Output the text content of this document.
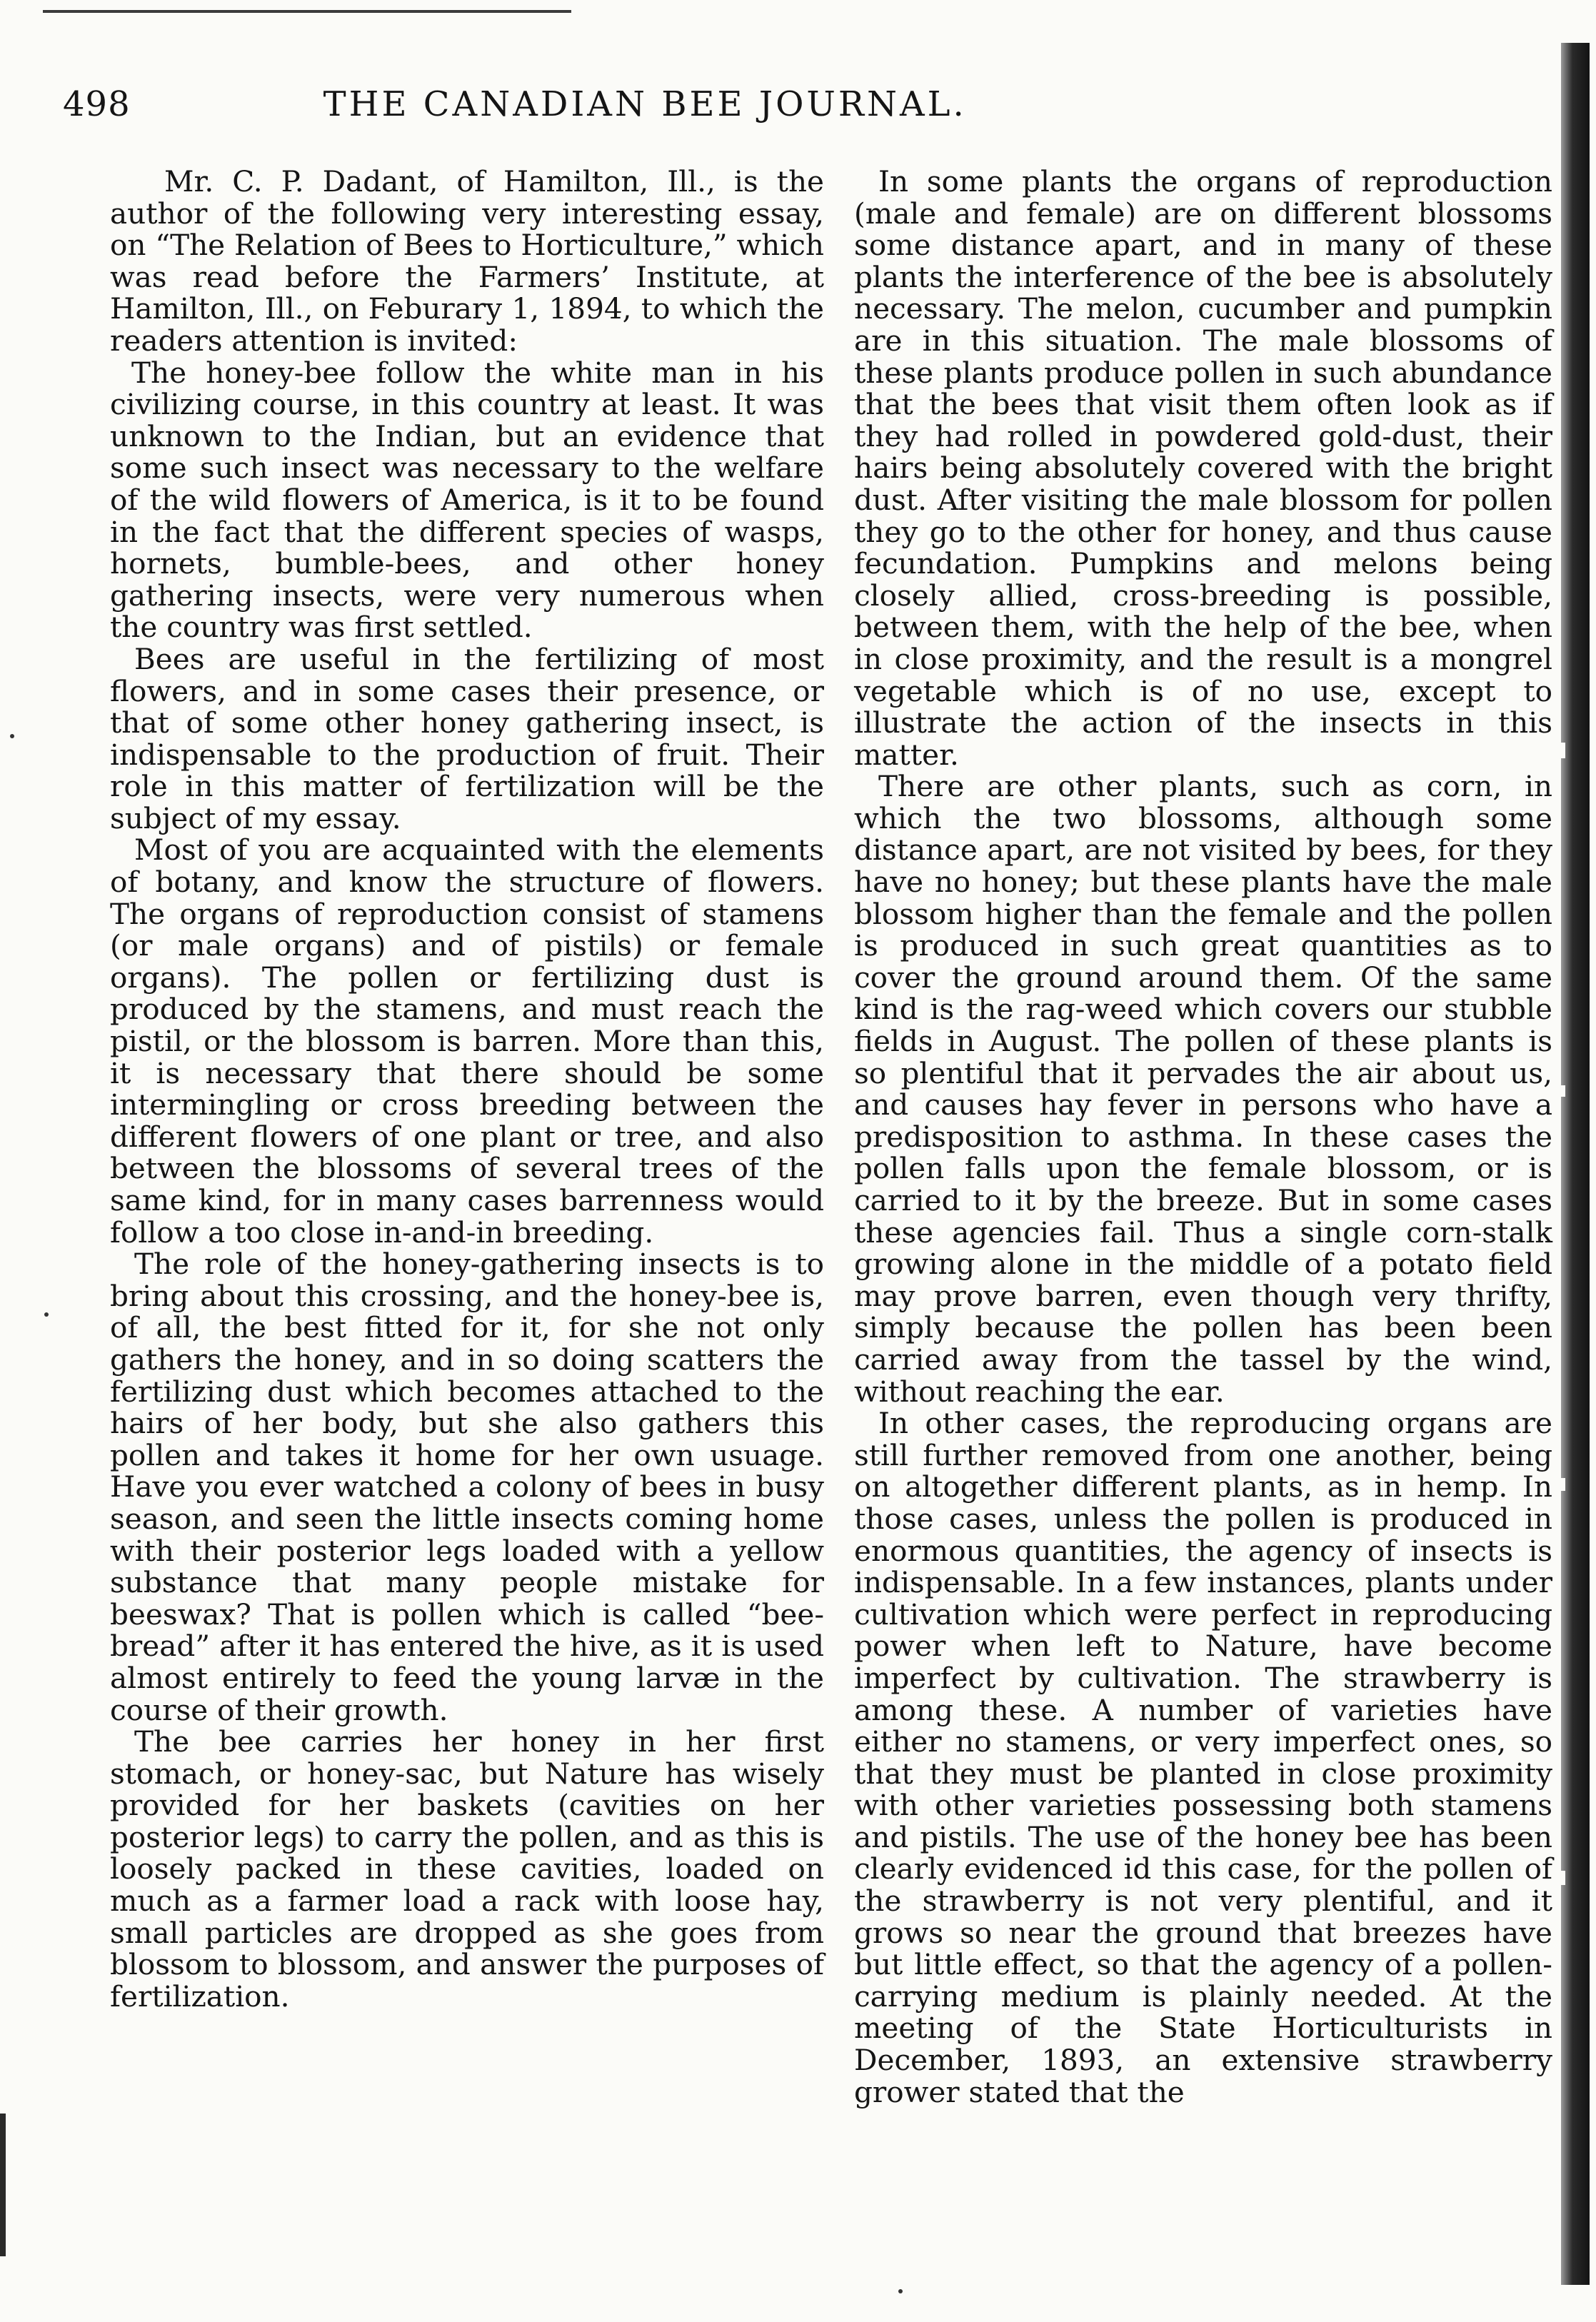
498	THE CANADIAN BEE JOURNAL.

Mr. C. P. Dadant, of Hamilton, Ill., is the author of the following very interesting essay, on “The Relation of Bees to Horticulture,” which was read before the Farmers’ Institute, at Hamilton, Ill., on Feburary 1, 1894, to which the readers attention is invited:

The honey-bee follow the white man in his civilizing course, in this country at least. It was unknown to the Indian, but an evidence that some such insect was necessary to the welfare of the wild flowers of America, is it to be found in the fact that the different species of wasps, hornets, bumble-bees, and other honey gathering insects, were very numerous when the country was first settled.

Bees are useful in the fertilizing of most flowers, and in some cases their presence, or that of some other honey gathering insect, is indispensable to the production of fruit. Their role in this matter of fertilization will be the subject of my essay.

Most of you are acquainted with the elements of botany, and know the structure of flowers. The organs of reproduction consist of stamens (or male organs) and of pistils) or female organs). The pollen or fertilizing dust is produced by the stamens, and must reach the pistil, or the blossom is barren. More than this, it is necessary that there should be some intermingling or cross breeding between the different flowers of one plant or tree, and also between the blossoms of several trees of the same kind, for in many cases barrenness would follow a too close in-and-in breeding.

The role of the honey-gathering insects is to bring about this crossing, and the honey-bee is, of all, the best fitted for it, for she not only gathers the honey, and in so doing scatters the fertilizing dust which becomes attached to the hairs of her body, but she also gathers this pollen and takes it home for her own usuage. Have you ever watched a colony of bees in busy season, and seen the little insects coming home with their posterior legs loaded with a yellow substance that many people mistake for beeswax? That is pollen which is called “bee-bread” after it has entered the hive, as it is used almost entirely to feed the young larvæ in the course of their growth.

The bee carries her honey in her first stomach, or honey-sac, but Nature has wisely provided for her baskets (cavities on her posterior legs) to carry the pollen, and as this is loosely packed in these cavities, loaded on much as a farmer load a rack with loose hay, small particles are dropped as she goes from blossom to blossom, and answer the purposes of fertilization.

In some plants the organs of reproduction (male and female) are on different blossoms some distance apart, and in many of these plants the interference of the bee is absolutely necessary. The melon, cucumber and pumpkin are in this situation. The male blossoms of these plants produce pollen in such abundance that the bees that visit them often look as if they had rolled in powdered gold-dust, their hairs being absolutely covered with the bright dust. After visiting the male blossom for pollen they go to the other for honey, and thus cause fecundation. Pumpkins and melons being closely allied, cross-breeding is possible, between them, with the help of the bee, when in close proximity, and the result is a mongrel vegetable which is of no use, except to illustrate the action of the insects in this matter.

There are other plants, such as corn, in which the two blossoms, although some distance apart, are not visited by bees, for they have no honey; but these plants have the male blossom higher than the female and the pollen is produced in such great quantities as to cover the ground around them. Of the same kind is the rag-weed which covers our stubble fields in August. The pollen of these plants is so plentiful that it pervades the air about us, and causes hay fever in persons who have a predisposition to asthma. In these cases the pollen falls upon the female blossom, or is carried to it by the breeze. But in some cases these agencies fail. Thus a single corn-stalk growing alone in the middle of a potato field may prove barren, even though very thrifty, simply because the pollen has been been carried away from the tassel by the wind, without reaching the ear.

In other cases, the reproducing organs are still further removed from one another, being on altogether different plants, as in hemp. In those cases, unless the pollen is produced in enormous quantities, the agency of insects is indispensable. In a few instances, plants under cultivation which were perfect in reproducing power when left to Nature, have become imperfect by cultivation. The strawberry is among these. A number of varieties have either no stamens, or very imperfect ones, so that they must be planted in close proximity with other varieties possessing both stamens and pistils. The use of the honey bee has been clearly evidenced id this case, for the pollen of the strawberry is not very plentiful, and it grows so near the ground that breezes have but little effect, so that the agency of a pollen-carrying medium is plainly needed. At the meeting of the State Horticulturists in December, 1893, an extensive strawberry grower stated that the
